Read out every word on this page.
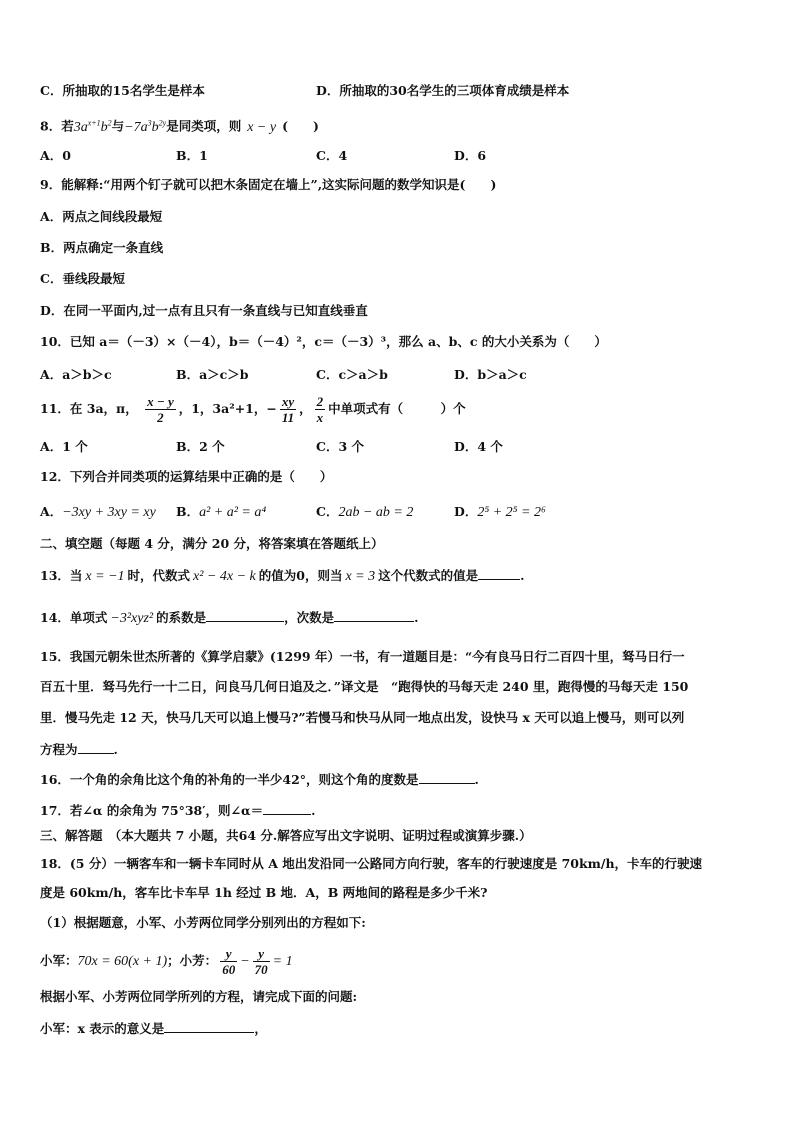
C．所抽取的15名学生是样本	D．所抽取的30名学生的三项体育成绩是样本
8．若$3a^{x+1}b^2$与$-7a^3b^{2y}$是同类项，则 x − y (　　)
A．0	B．1	C．4	D．6
9．能解释:“用两个钉子就可以把木条固定在墙上”,这实际问题的数学知识是(　　)
A．两点之间线段最短
B．两点确定一条直线
C．垂线段最短
D．在同一平面内,过一点有且只有一条直线与已知直线垂直
10．已知 a＝（－3）×（－4），b＝（－4）²，c＝（－3）³，那么 a、b、c 的大小关系为（　　）
A．a＞b＞c	B．a＞c＞b	C．c＞a＞b	D．b＞a＞c
11．在 3a，π， $\frac{x - y}{2}$ ，1，3a²+1，− $\frac{xy}{11}$ ， $\frac{2}{x}$ 中单项式有（　　　）个
A．1 个	B．2 个	C．3 个	D．4 个
12．下列合并同类项的运算结果中正确的是（　　）
A．−3xy + 3xy = xy B．a² + a² = a⁴	C．2ab − ab = 2	D．2⁵ + 2⁵ = 2⁶
二、填空题（每题 4 分，满分 20 分，将答案填在答题纸上）
13．当 x = −1 时，代数式 x² − 4x − k 的值为0，则当 x = 3 这个代数式的值是	.
14．单项式 −3²xyz² 的系数是	，次数是	.
15．我国元朝朱世杰所著的《算学启蒙》(1299 年）一书，有一道题目是：“今有良马日行二百四十里，驽马日行一
百五十里．驽马先行一十二日，问良马几何日追及之．”译文是　“跑得快的马每天走 240 里，跑得慢的马每天走 150
里．慢马先走 12 天，快马几天可以追上慢马?”若慢马和快马从同一地点出发，设快马 x 天可以追上慢马，则可以列
方程为	.
16．一个角的余角比这个角的补角的一半少42°，则这个角的度数是	.
17．若∠α 的余角为 75°38′，则∠α＝	.
三、解答题　（本大题共 7 小题，共64 分.解答应写出文字说明、证明过程或演算步骤.）
18．(5 分）一辆客车和一辆卡车同时从 A 地出发沿同一公路同方向行驶，客车的行驶速度是 70km/h，卡车的行驶速
度是 60km/h，客车比卡车早 1h 经过 B 地．A，B 两地间的路程是多少千米?
（1）根据题意，小军、小芳两位同学分别列出的方程如下:
小军：70x = 60(x + 1)；小芳： $\frac{y}{60} - \frac{y}{70} = 1$
根据小军、小芳两位同学所列的方程，请完成下面的问题:
小军：x 表示的意义是	，
